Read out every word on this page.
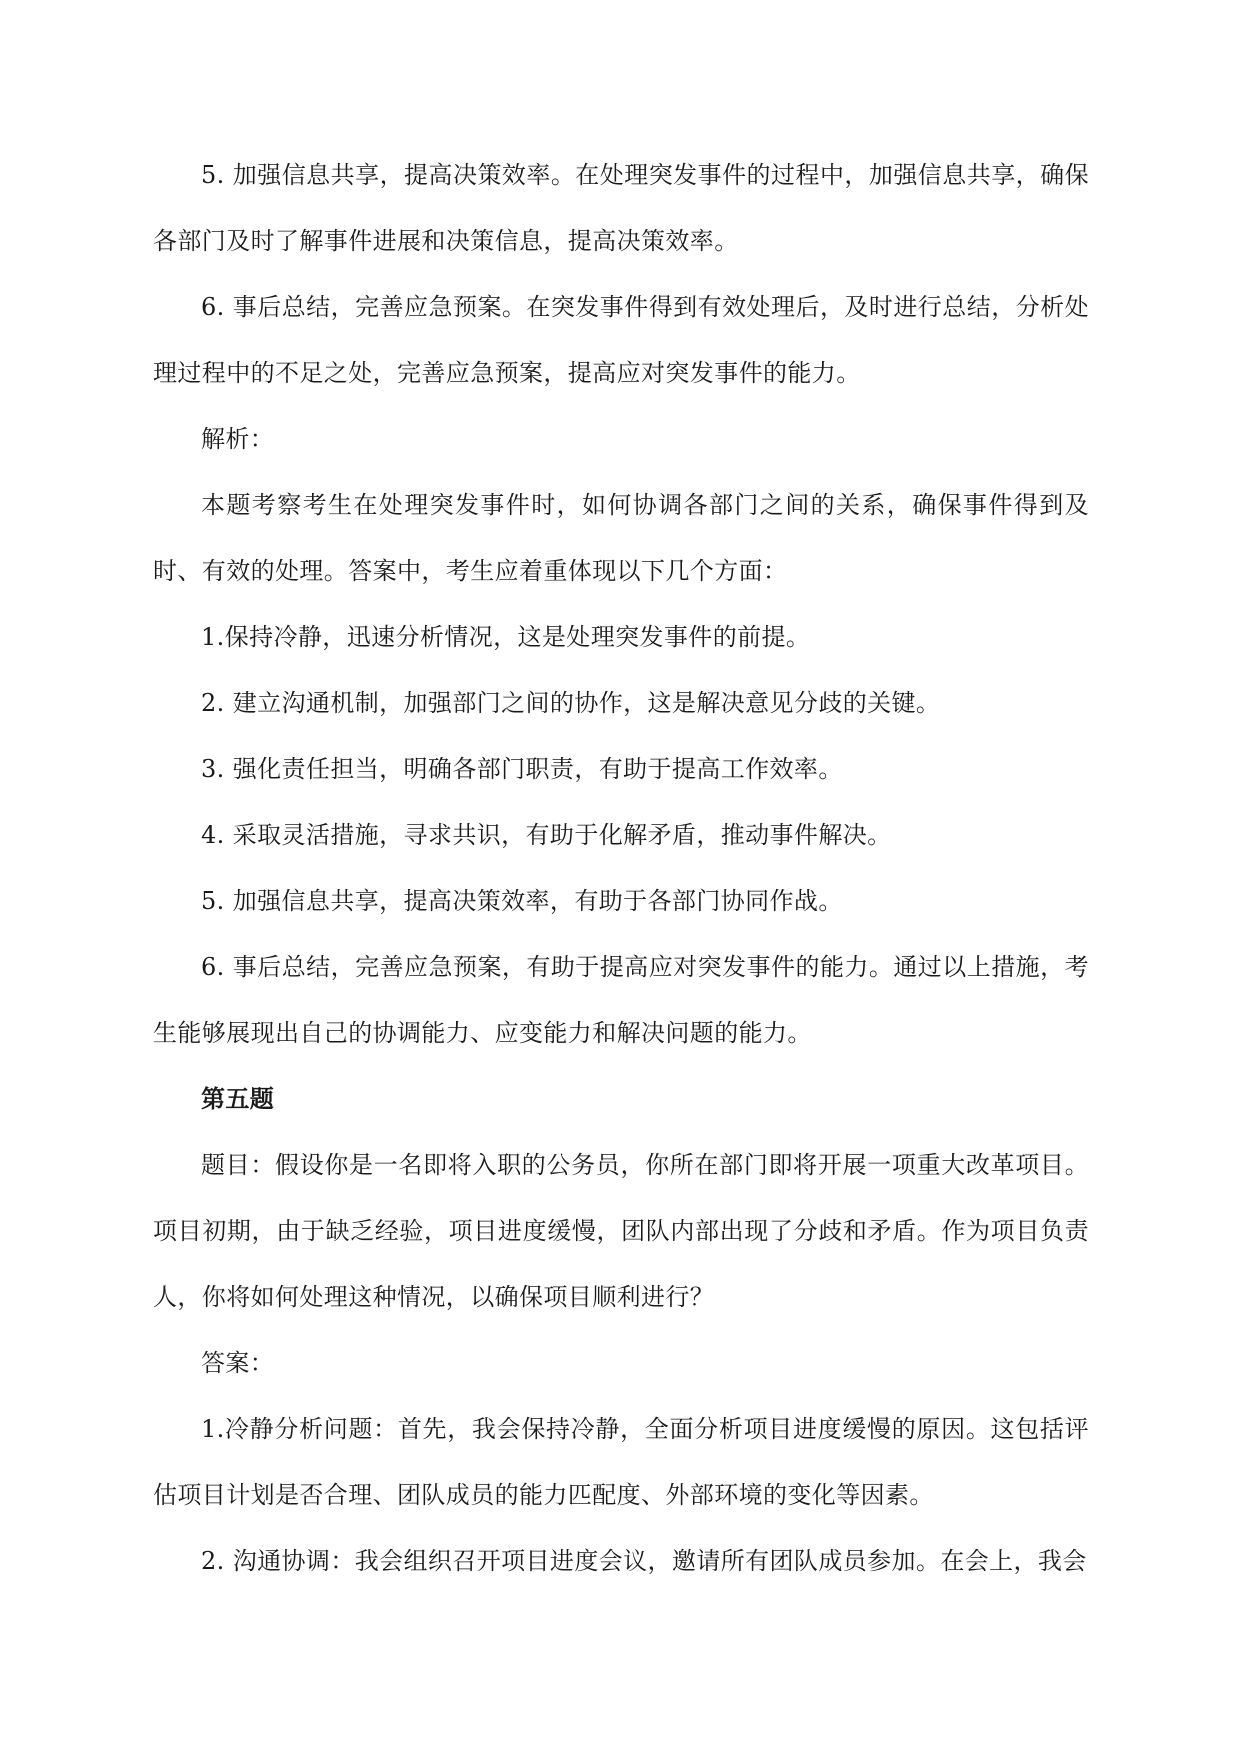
5. 加强信息共享，提高决策效率。在处理突发事件的过程中，加强信息共享，确保各部门及时了解事件进展和决策信息，提高决策效率。

6. 事后总结，完善应急预案。在突发事件得到有效处理后，及时进行总结，分析处理过程中的不足之处，完善应急预案，提高应对突发事件的能力。

解析：

本题考察考生在处理突发事件时，如何协调各部门之间的关系，确保事件得到及时、有效的处理。答案中，考生应着重体现以下几个方面：

1.保持冷静，迅速分析情况，这是处理突发事件的前提。

2. 建立沟通机制，加强部门之间的协作，这是解决意见分歧的关键。

3. 强化责任担当，明确各部门职责，有助于提高工作效率。

4. 采取灵活措施，寻求共识，有助于化解矛盾，推动事件解决。

5. 加强信息共享，提高决策效率，有助于各部门协同作战。

6. 事后总结，完善应急预案，有助于提高应对突发事件的能力。通过以上措施，考生能够展现出自己的协调能力、应变能力和解决问题的能力。

第五题

题目：假设你是一名即将入职的公务员，你所在部门即将开展一项重大改革项目。项目初期，由于缺乏经验，项目进度缓慢，团队内部出现了分歧和矛盾。作为项目负责人，你将如何处理这种情况，以确保项目顺利进行？

答案：

1.冷静分析问题：首先，我会保持冷静，全面分析项目进度缓慢的原因。这包括评估项目计划是否合理、团队成员的能力匹配度、外部环境的变化等因素。

2. 沟通协调：我会组织召开项目进度会议，邀请所有团队成员参加。在会上，我会
